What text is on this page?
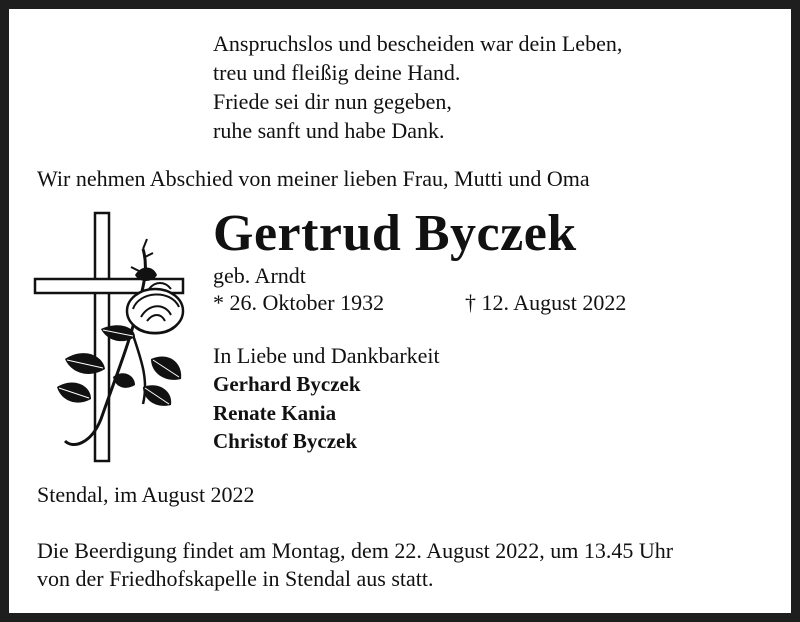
Anspruchslos und bescheiden war dein Leben,
treu und fleißig deine Hand.
Friede sei dir nun gegeben,
ruhe sanft und habe Dank.
Wir nehmen Abschied von meiner lieben Frau, Mutti und Oma
Gertrud Byczek
geb. Arndt
* 26. Oktober 1932	† 12. August 2022
In Liebe und Dankbarkeit
Gerhard Byczek
Renate Kania
Christof Byczek
Stendal, im August 2022
Die Beerdigung findet am Montag, dem 22. August 2022, um 13.45 Uhr
von der Friedhofskapelle in Stendal aus statt.
